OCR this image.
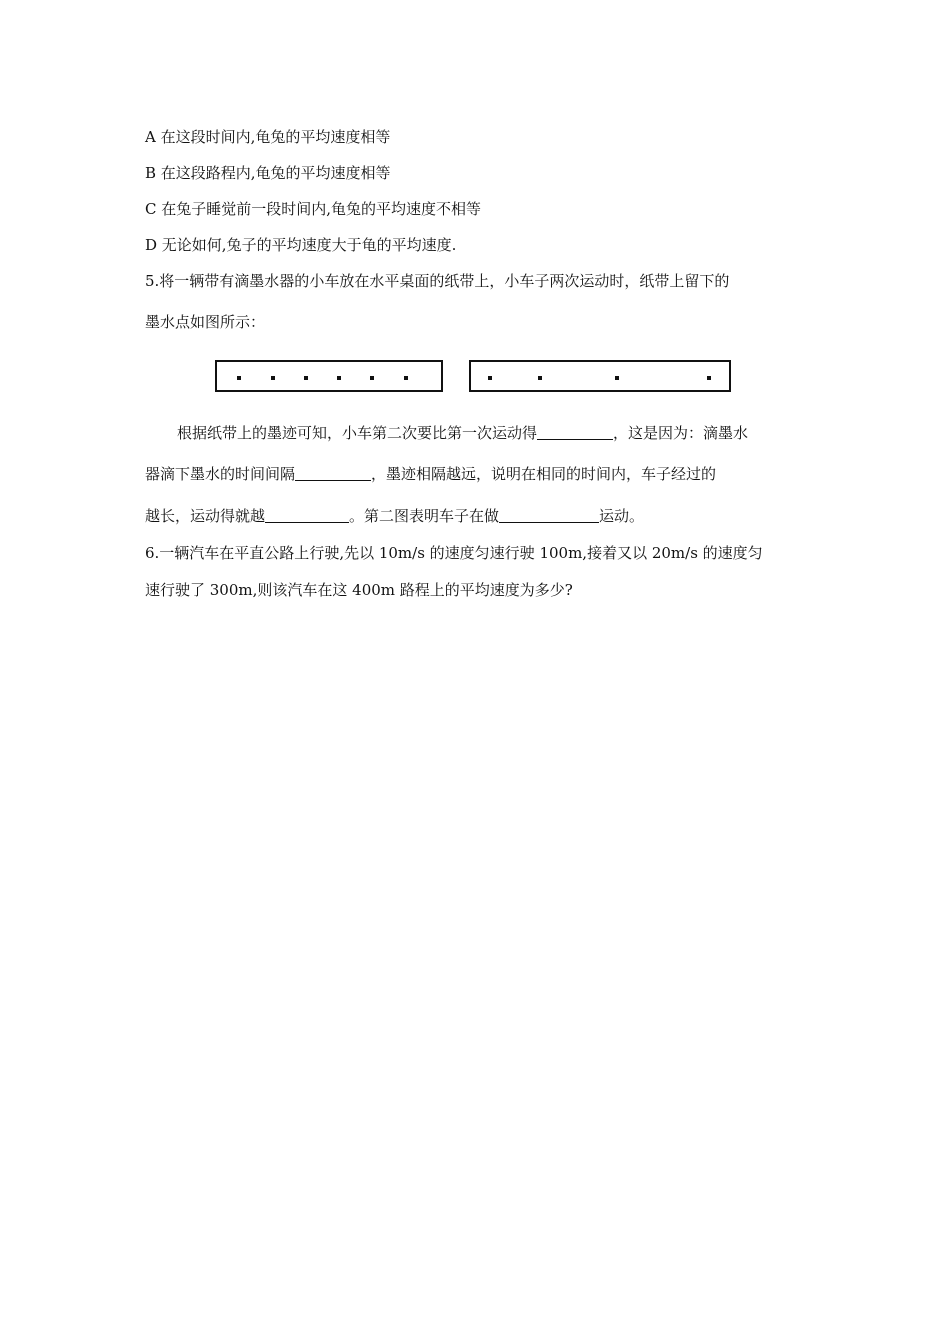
A 在这段时间内,龟兔的平均速度相等
B 在这段路程内,龟兔的平均速度相等
C 在兔子睡觉前一段时间内,龟兔的平均速度不相等
D 无论如何,兔子的平均速度大于龟的平均速度.
5.将一辆带有滴墨水器的小车放在水平桌面的纸带上，小车子两次运动时，纸带上留下的
墨水点如图所示：
根据纸带上的墨迹可知，小车第二次要比第一次运动得	，这是因为：滴墨水
器滴下墨水的时间间隔	，墨迹相隔越远，说明在相同的时间内，车子经过的
越长，运动得就越	。第二图表明车子在做	运动。
6.一辆汽车在平直公路上行驶,先以 10m/s 的速度匀速行驶 100m,接着又以 20m/s 的速度匀
速行驶了 300m,则该汽车在这 400m 路程上的平均速度为多少?
